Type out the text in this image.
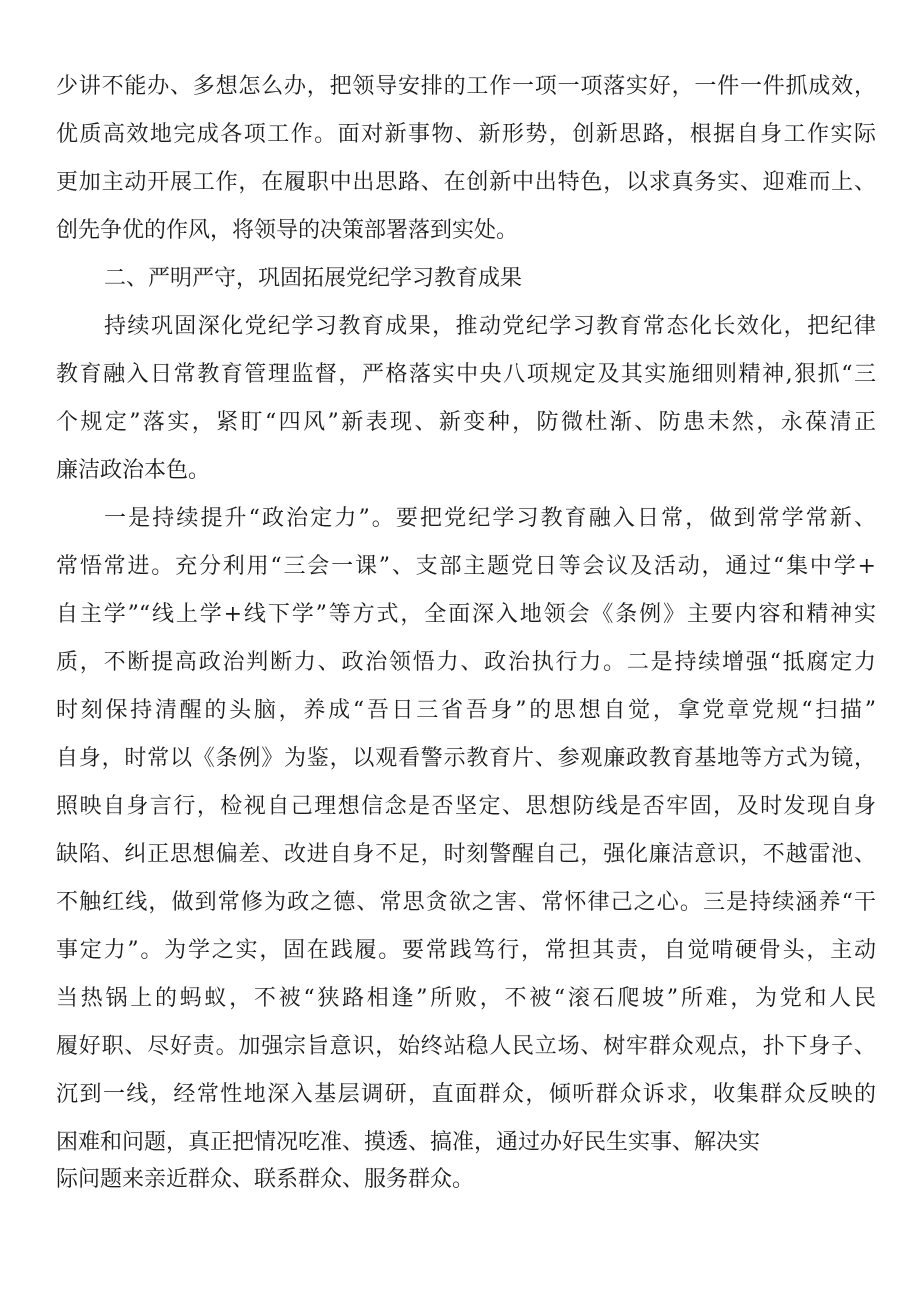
少讲不能办、多想怎么办，把领导安排的工作一项一项落实好，一件一件抓成效，
优质高效地完成各项工作。面对新事物、新形势，创新思路，根据自身工作实际
更加主动开展工作，在履职中出思路、在创新中出特色，以求真务实、迎难而上、
创先争优的作风，将领导的决策部署落到实处。
二、严明严守，巩固拓展党纪学习教育成果
持续巩固深化党纪学习教育成果，推动党纪学习教育常态化长效化，把纪律
教育融入日常教育管理监督，严格落实中央八项规定及其实施细则精神,狠抓“三
个规定”落实，紧盯“四风”新表现、新变种，防微杜渐、防患未然，永葆清正
廉洁政治本色。
一是持续提升“政治定力”。要把党纪学习教育融入日常，做到常学常新、
常悟常进。充分利用“三会一课”、支部主题党日等会议及活动，通过“集中学+
自主学”“线上学+线下学”等方式，全面深入地领会《条例》主要内容和精神实
质，不断提高政治判断力、政治领悟力、政治执行力。二是持续增强“抵腐定力
时刻保持清醒的头脑，养成“吾日三省吾身”的思想自觉，拿党章党规“扫描”
自身，时常以《条例》为鉴，以观看警示教育片、参观廉政教育基地等方式为镜，
照映自身言行，检视自己理想信念是否坚定、思想防线是否牢固，及时发现自身
缺陷、纠正思想偏差、改进自身不足，时刻警醒自己，强化廉洁意识，不越雷池、
不触红线，做到常修为政之德、常思贪欲之害、常怀律己之心。三是持续涵养“干
事定力”。为学之实，固在践履。要常践笃行，常担其责，自觉啃硬骨头，主动
当热锅上的蚂蚁，不被“狭路相逢”所败，不被“滚石爬坡”所难，为党和人民
履好职、尽好责。加强宗旨意识，始终站稳人民立场、树牢群众观点，扑下身子、
沉到一线，经常性地深入基层调研，直面群众，倾听群众诉求，收集群众反映的
困难和问题，真正把情况吃准、摸透、搞准，通过办好民生实事、解决实
际问题来亲近群众、联系群众、服务群众。
